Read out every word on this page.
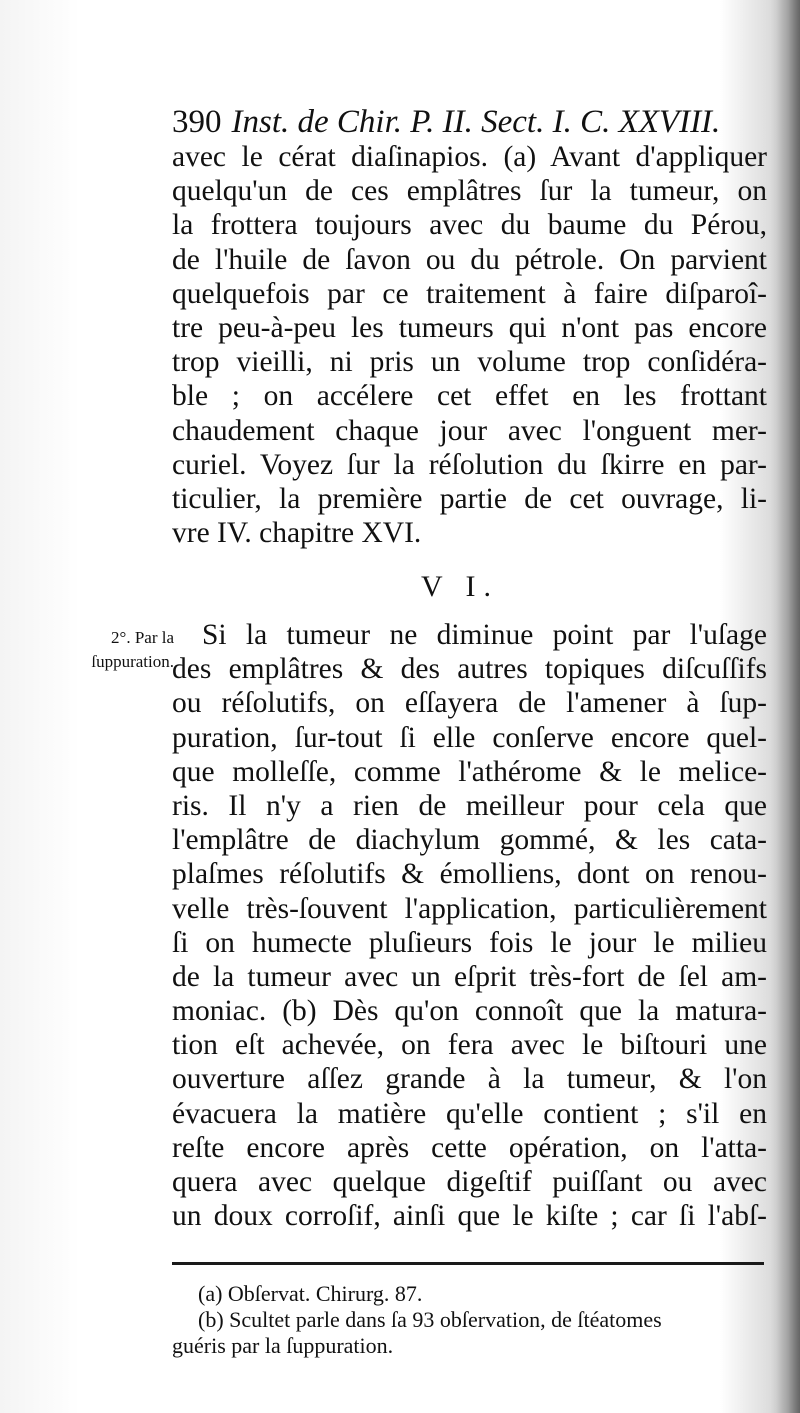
390 Inst. de Chir. P. II. Sect. I. C. XXVIII.
avec le cérat diaſinapios. (a) Avant d'appliquer
quelqu'un de ces emplâtres ſur la tumeur, on
la frottera toujours avec du baume du Pérou,
de l'huile de ſavon ou du pétrole. On parvient
quelquefois par ce traitement à faire diſparoî-
tre peu-à-peu les tumeurs qui n'ont pas encore
trop vieilli, ni pris un volume trop conſidéra-
ble ; on accélere cet effet en les frottant
chaudement chaque jour avec l'onguent mer-
curiel. Voyez ſur la réſolution du ſkirre en par-
ticulier, la première partie de cet ouvrage, li-
vre IV. chapitre XVI.
V I.
2°. Par la
ſuppuration.
Si la tumeur ne diminue point par l'uſage
des emplâtres & des autres topiques diſcuſſifs
ou réſolutifs, on eſſayera de l'amener à ſup-
puration, ſur-tout ſi elle conſerve encore quel-
que molleſſe, comme l'athérome & le melice-
ris. Il n'y a rien de meilleur pour cela que
l'emplâtre de diachylum gommé, & les cata-
plaſmes réſolutifs & émolliens, dont on renou-
velle très-ſouvent l'application, particulièrement
ſi on humecte pluſieurs fois le jour le milieu
de la tumeur avec un eſprit très-fort de ſel am-
moniac. (b) Dès qu'on connoît que la matura-
tion eſt achevée, on fera avec le biſtouri une
ouverture aſſez grande à la tumeur, & l'on
évacuera la matière qu'elle contient ; s'il en
reſte encore après cette opération, on l'atta-
quera avec quelque digeſtif puiſſant ou avec
un doux corroſif, ainſi que le kiſte ; car ſi l'abſ-
(a) Obſervat. Chirurg. 87.
(b) Scultet parle dans ſa 93 obſervation, de ſtéatomes
guéris par la ſuppuration.
